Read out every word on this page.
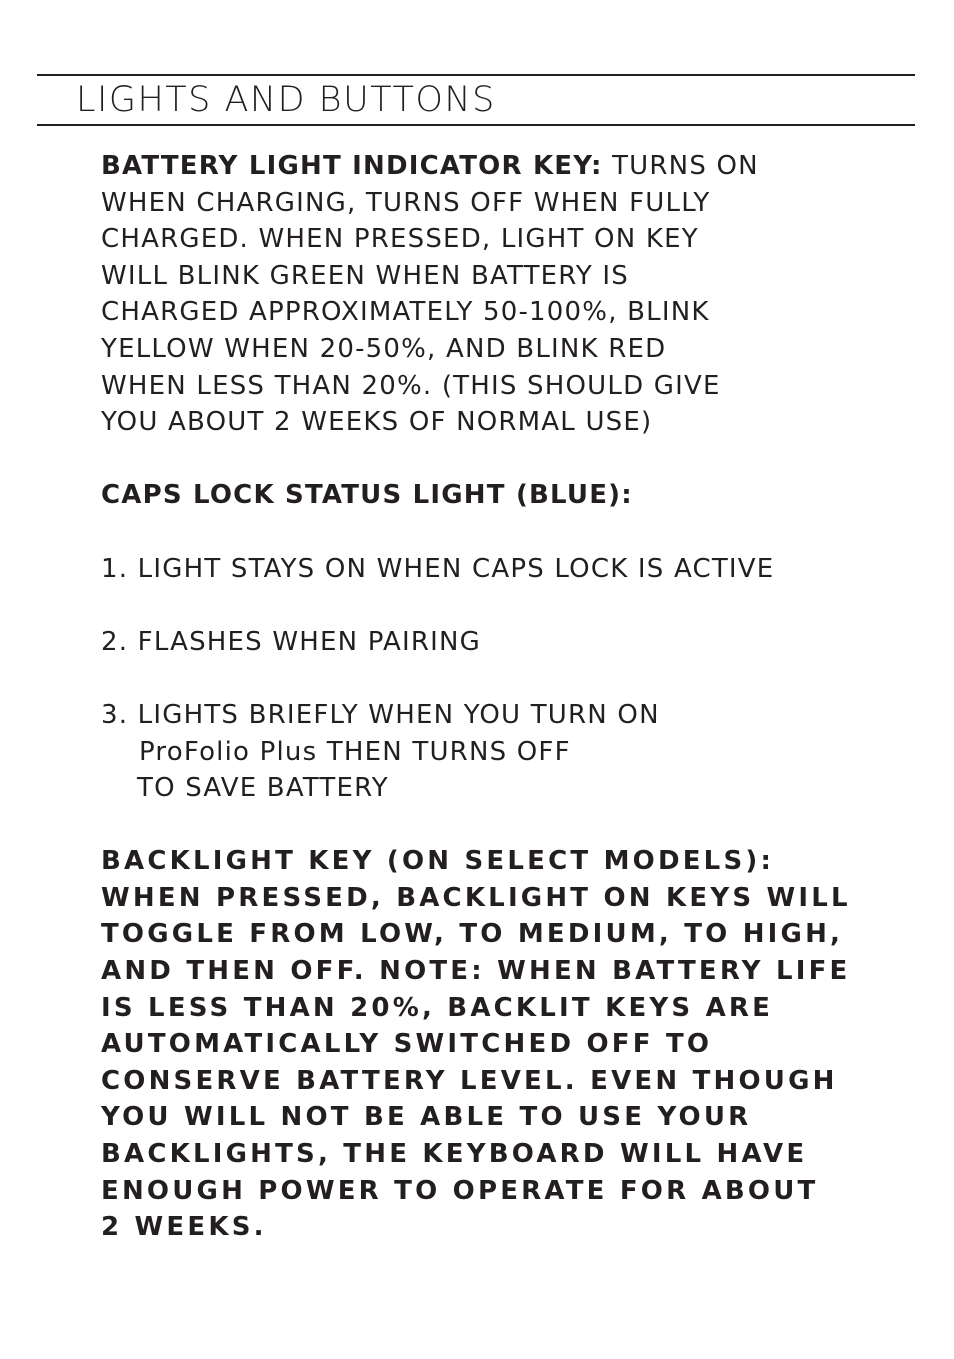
LIGHTS AND BUTTONS

BATTERY LIGHT INDICATOR KEY: TURNS ON

WHEN CHARGING, TURNS OFF WHEN FULLY

CHARGED. WHEN PRESSED, LIGHT ON KEY

WILL BLINK GREEN WHEN BATTERY IS

CHARGED APPROXIMATELY 50-100%, BLINK

YELLOW WHEN 20-50%, AND BLINK RED

WHEN LESS THAN 20%. (THIS SHOULD GIVE

YOU ABOUT 2 WEEKS OF NORMAL USE)

CAPS LOCK STATUS LIGHT (BLUE):

1. LIGHT STAYS ON WHEN CAPS LOCK IS ACTIVE

2. FLASHES WHEN PAIRING

3. LIGHTS BRIEFLY WHEN YOU TURN ON

ProFolio Plus THEN TURNS OFF

TO SAVE BATTERY

BACKLIGHT KEY (ON SELECT MODELS):

WHEN PRESSED, BACKLIGHT ON KEYS WILL

TOGGLE FROM LOW, TO MEDIUM, TO HIGH,

AND THEN OFF. NOTE: WHEN BATTERY LIFE

IS LESS THAN 20%, BACKLIT KEYS ARE

AUTOMATICALLY SWITCHED OFF TO

CONSERVE BATTERY LEVEL. EVEN THOUGH

YOU WILL NOT BE ABLE TO USE YOUR

BACKLIGHTS, THE KEYBOARD WILL HAVE

ENOUGH POWER TO OPERATE FOR ABOUT

2 WEEKS.
